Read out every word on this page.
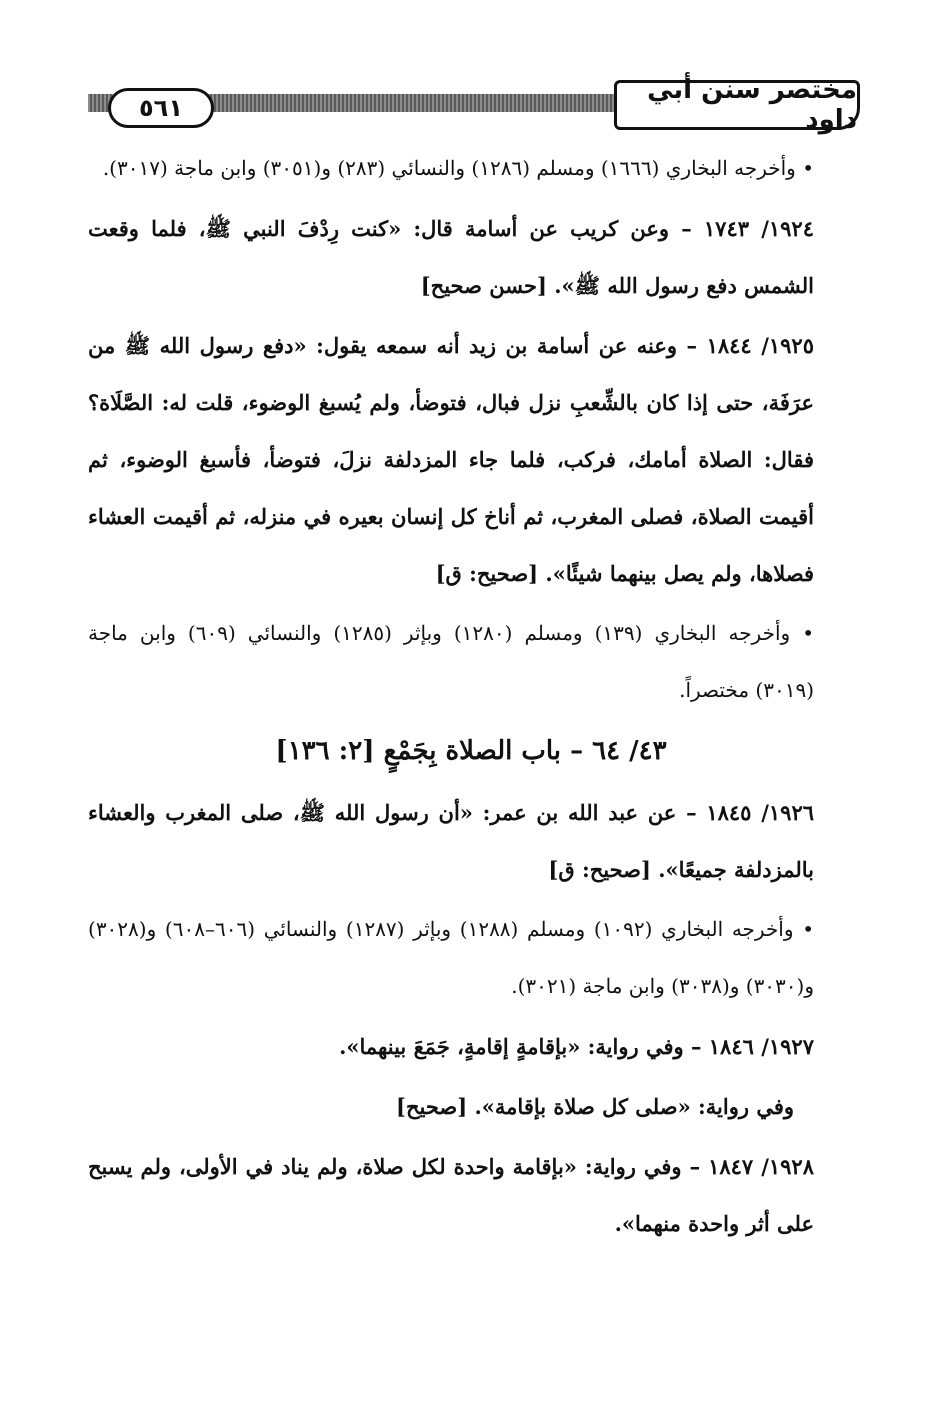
٥٦١
مختصر سنن أبي داود

• وأخرجه البخاري (١٦٦٦) ومسلم (١٢٨٦) والنسائي (٢٨٣) و(٣٠٥١) وابن ماجة (٣٠١٧).

١٩٢٤/ ١٧٤٣ – وعن كريب عن أسامة قال: «كنت رِدْفَ النبي ﷺ، فلما وقعت الشمس دفع رسول الله ﷺ». [حسن صحيح]

١٩٢٥/ ١٨٤٤ – وعنه عن أسامة بن زيد أنه سمعه يقول: «دفع رسول الله ﷺ من عرَفَة، حتى إذا كان بالشِّعبِ نزل فبال، فتوضأ، ولم يُسبغ الوضوء، قلت له: الصَّلَاة؟ فقال: الصلاة أمامك، فركب، فلما جاء المزدلفة نزلَ، فتوضأ، فأسبغ الوضوء، ثم أقيمت الصلاة، فصلى المغرب، ثم أناخ كل إنسان بعيره في منزله، ثم أقيمت العشاء فصلاها، ولم يصل بينهما شيئًا». [صحيح: ق]

• وأخرجه البخاري (١٣٩) ومسلم (١٢٨٠) وبإثر (١٢٨٥) والنسائي (٦٠٩) وابن ماجة (٣٠١٩) مختصراً.

٤٣/ ٦٤ – باب الصلاة بِجَمْعٍ [٢: ١٣٦]

١٩٢٦/ ١٨٤٥ – عن عبد الله بن عمر: «أن رسول الله ﷺ، صلى المغرب والعشاء بالمزدلفة جميعًا». [صحيح: ق]

• وأخرجه البخاري (١٠٩٢) ومسلم (١٢٨٨) وبإثر (١٢٨٧) والنسائي (٦٠٦–٦٠٨) و(٣٠٢٨) و(٣٠٣٠) و(٣٠٣٨) وابن ماجة (٣٠٢١).

١٩٢٧/ ١٨٤٦ – وفي رواية: «بإقامةٍ إقامةٍ، جَمَعَ بينهما».

وفي رواية: «صلى كل صلاة بإقامة». [صحيح]

١٩٢٨/ ١٨٤٧ – وفي رواية: «بإقامة واحدة لكل صلاة، ولم يناد في الأولى، ولم يسبح على أثر واحدة منهما».
